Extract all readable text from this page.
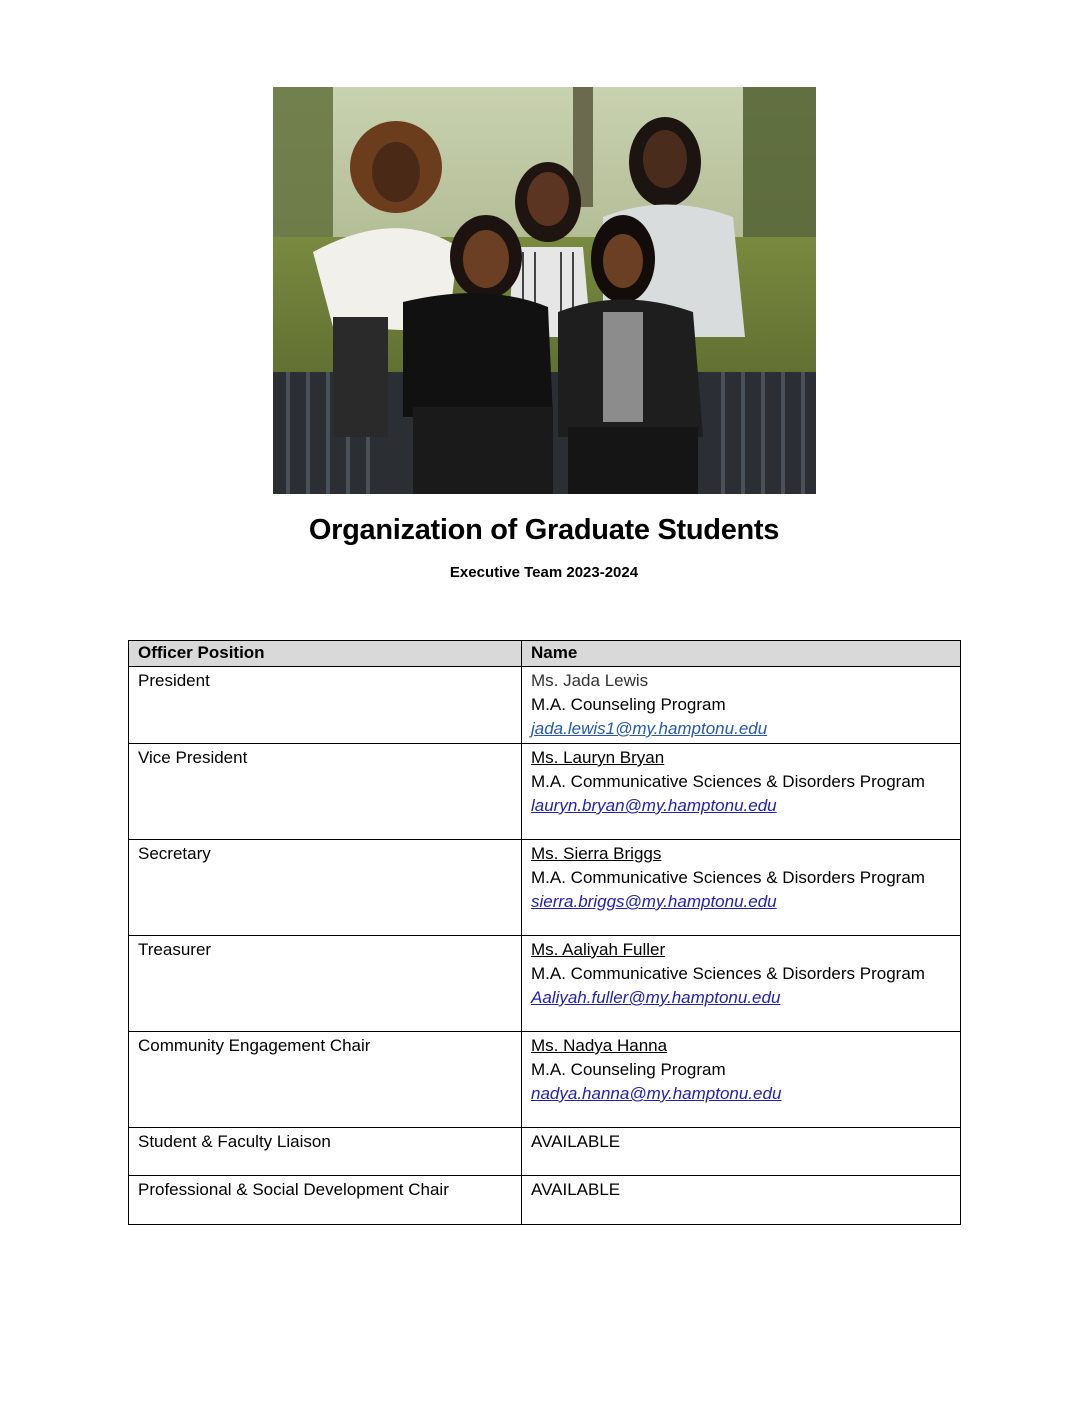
Organization of Graduate Students
Executive Team 2023-2024
Officer Position	Name
President	Ms. Jada Lewis
M.A. Counseling Program
jada.lewis1@my.hamptonu.edu

Vice President	Ms. Lauryn Bryan
M.A. Communicative Sciences & Disorders Program
lauryn.bryan@my.hamptonu.edu

Secretary	Ms. Sierra Briggs
M.A. Communicative Sciences & Disorders Program
sierra.briggs@my.hamptonu.edu

Treasurer	Ms. Aaliyah Fuller
M.A. Communicative Sciences & Disorders Program
Aaliyah.fuller@my.hamptonu.edu

Community Engagement Chair	Ms. Nadya Hanna
M.A. Counseling Program
nadya.hanna@my.hamptonu.edu

Student & Faculty Liaison	AVAILABLE
Professional & Social Development Chair	AVAILABLE
